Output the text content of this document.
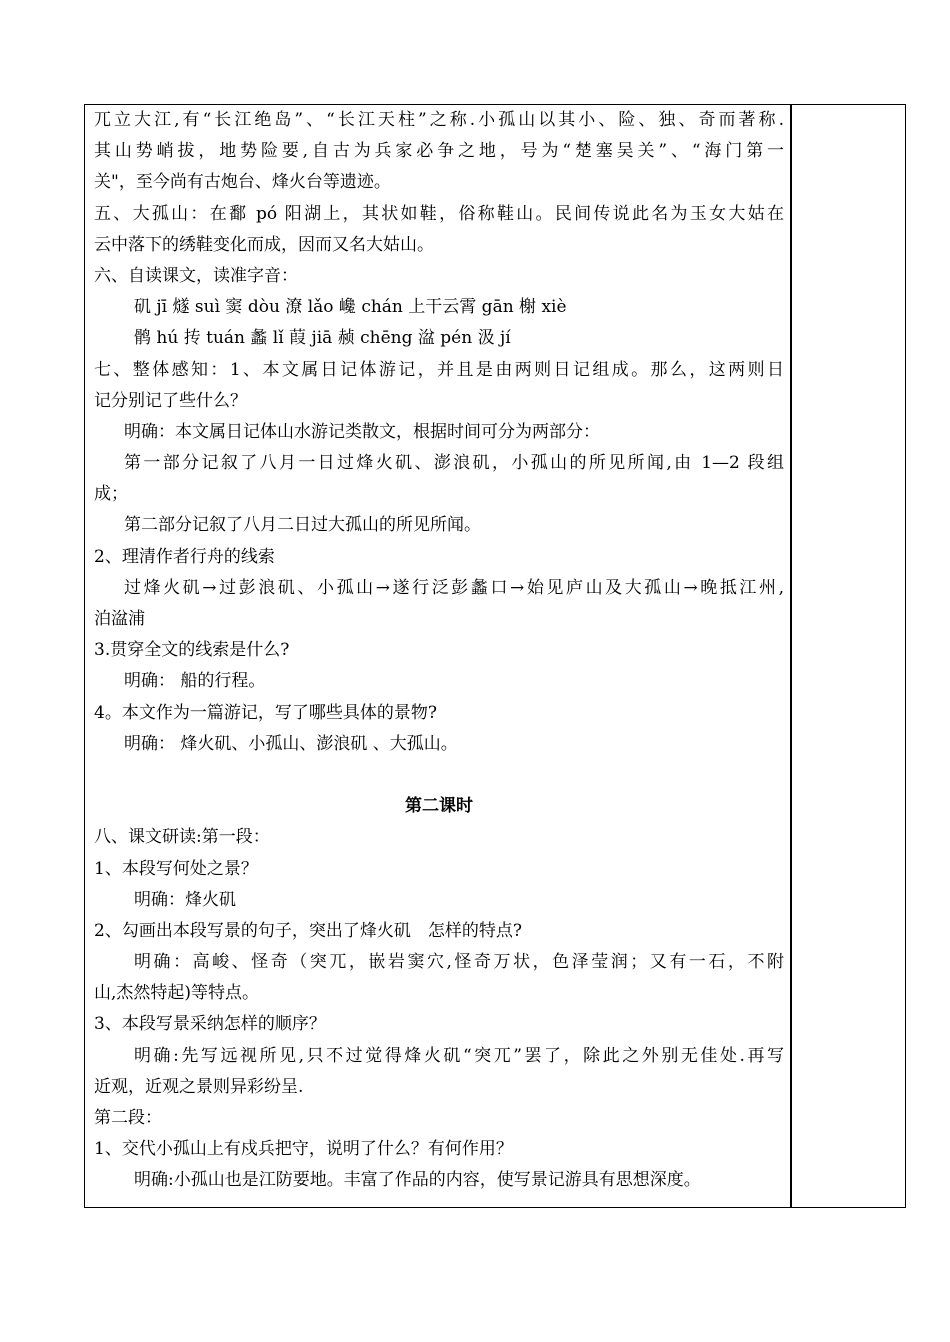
兀立大江,有“长江绝岛”、“长江天柱”之称.小孤山以其小、险、独、奇而著称.
其山势峭拔，地势险要,自古为兵家必争之地，号为“楚塞吴关”、“海门第一
关"，至今尚有古炮台、烽火台等遗迹。
五、大孤山：在鄱 pó 阳湖上，其状如鞋，俗称鞋山。民间传说此名为玉女大姑在
云中落下的绣鞋变化而成，因而又名大姑山。
六、自读课文，读准字音：
矶 jī 燧 suì 窦 dòu 潦 lǎo 巉 chán 上干云霄 gān 榭 xiè
鹘 hú 抟 tuán 蠡 lǐ 葭 jiā 赪 chēng 湓 pén 汲 jí
七、整体感知：1、本文属日记体游记，并且是由两则日记组成。那么，这两则日
记分别记了些什么？
明确：本文属日记体山水游记类散文，根据时间可分为两部分：
第一部分记叙了八月一日过烽火矶、澎浪矶，小孤山的所见所闻,由 1—2 段组
成；
第二部分记叙了八月二日过大孤山的所见所闻。
2、理清作者行舟的线索
过烽火矶→过彭浪矶、小孤山→遂行泛彭蠡口→始见庐山及大孤山→晚抵江州,
泊湓浦
3.贯穿全文的线索是什么?
明确： 船的行程。
4。本文作为一篇游记，写了哪些具体的景物?
明确： 烽火矶、小孤山、澎浪矶 、大孤山。
第二课时
八、课文研读:第一段：
1、本段写何处之景？
明确：烽火矶
2、勾画出本段写景的句子，突出了烽火矶　怎样的特点?
明确：高峻、怪奇（突兀，嵌岩窦穴,怪奇万状，色泽莹润；又有一石，不附
山,杰然特起)等特点。
3、本段写景采纳怎样的顺序？
明确:先写远视所见,只不过觉得烽火矶“突兀”罢了，除此之外别无佳处.再写
近观，近观之景则异彩纷呈.
第二段：
1、交代小孤山上有戍兵把守，说明了什么？有何作用？
明确:小孤山也是江防要地。丰富了作品的内容，使写景记游具有思想深度。
